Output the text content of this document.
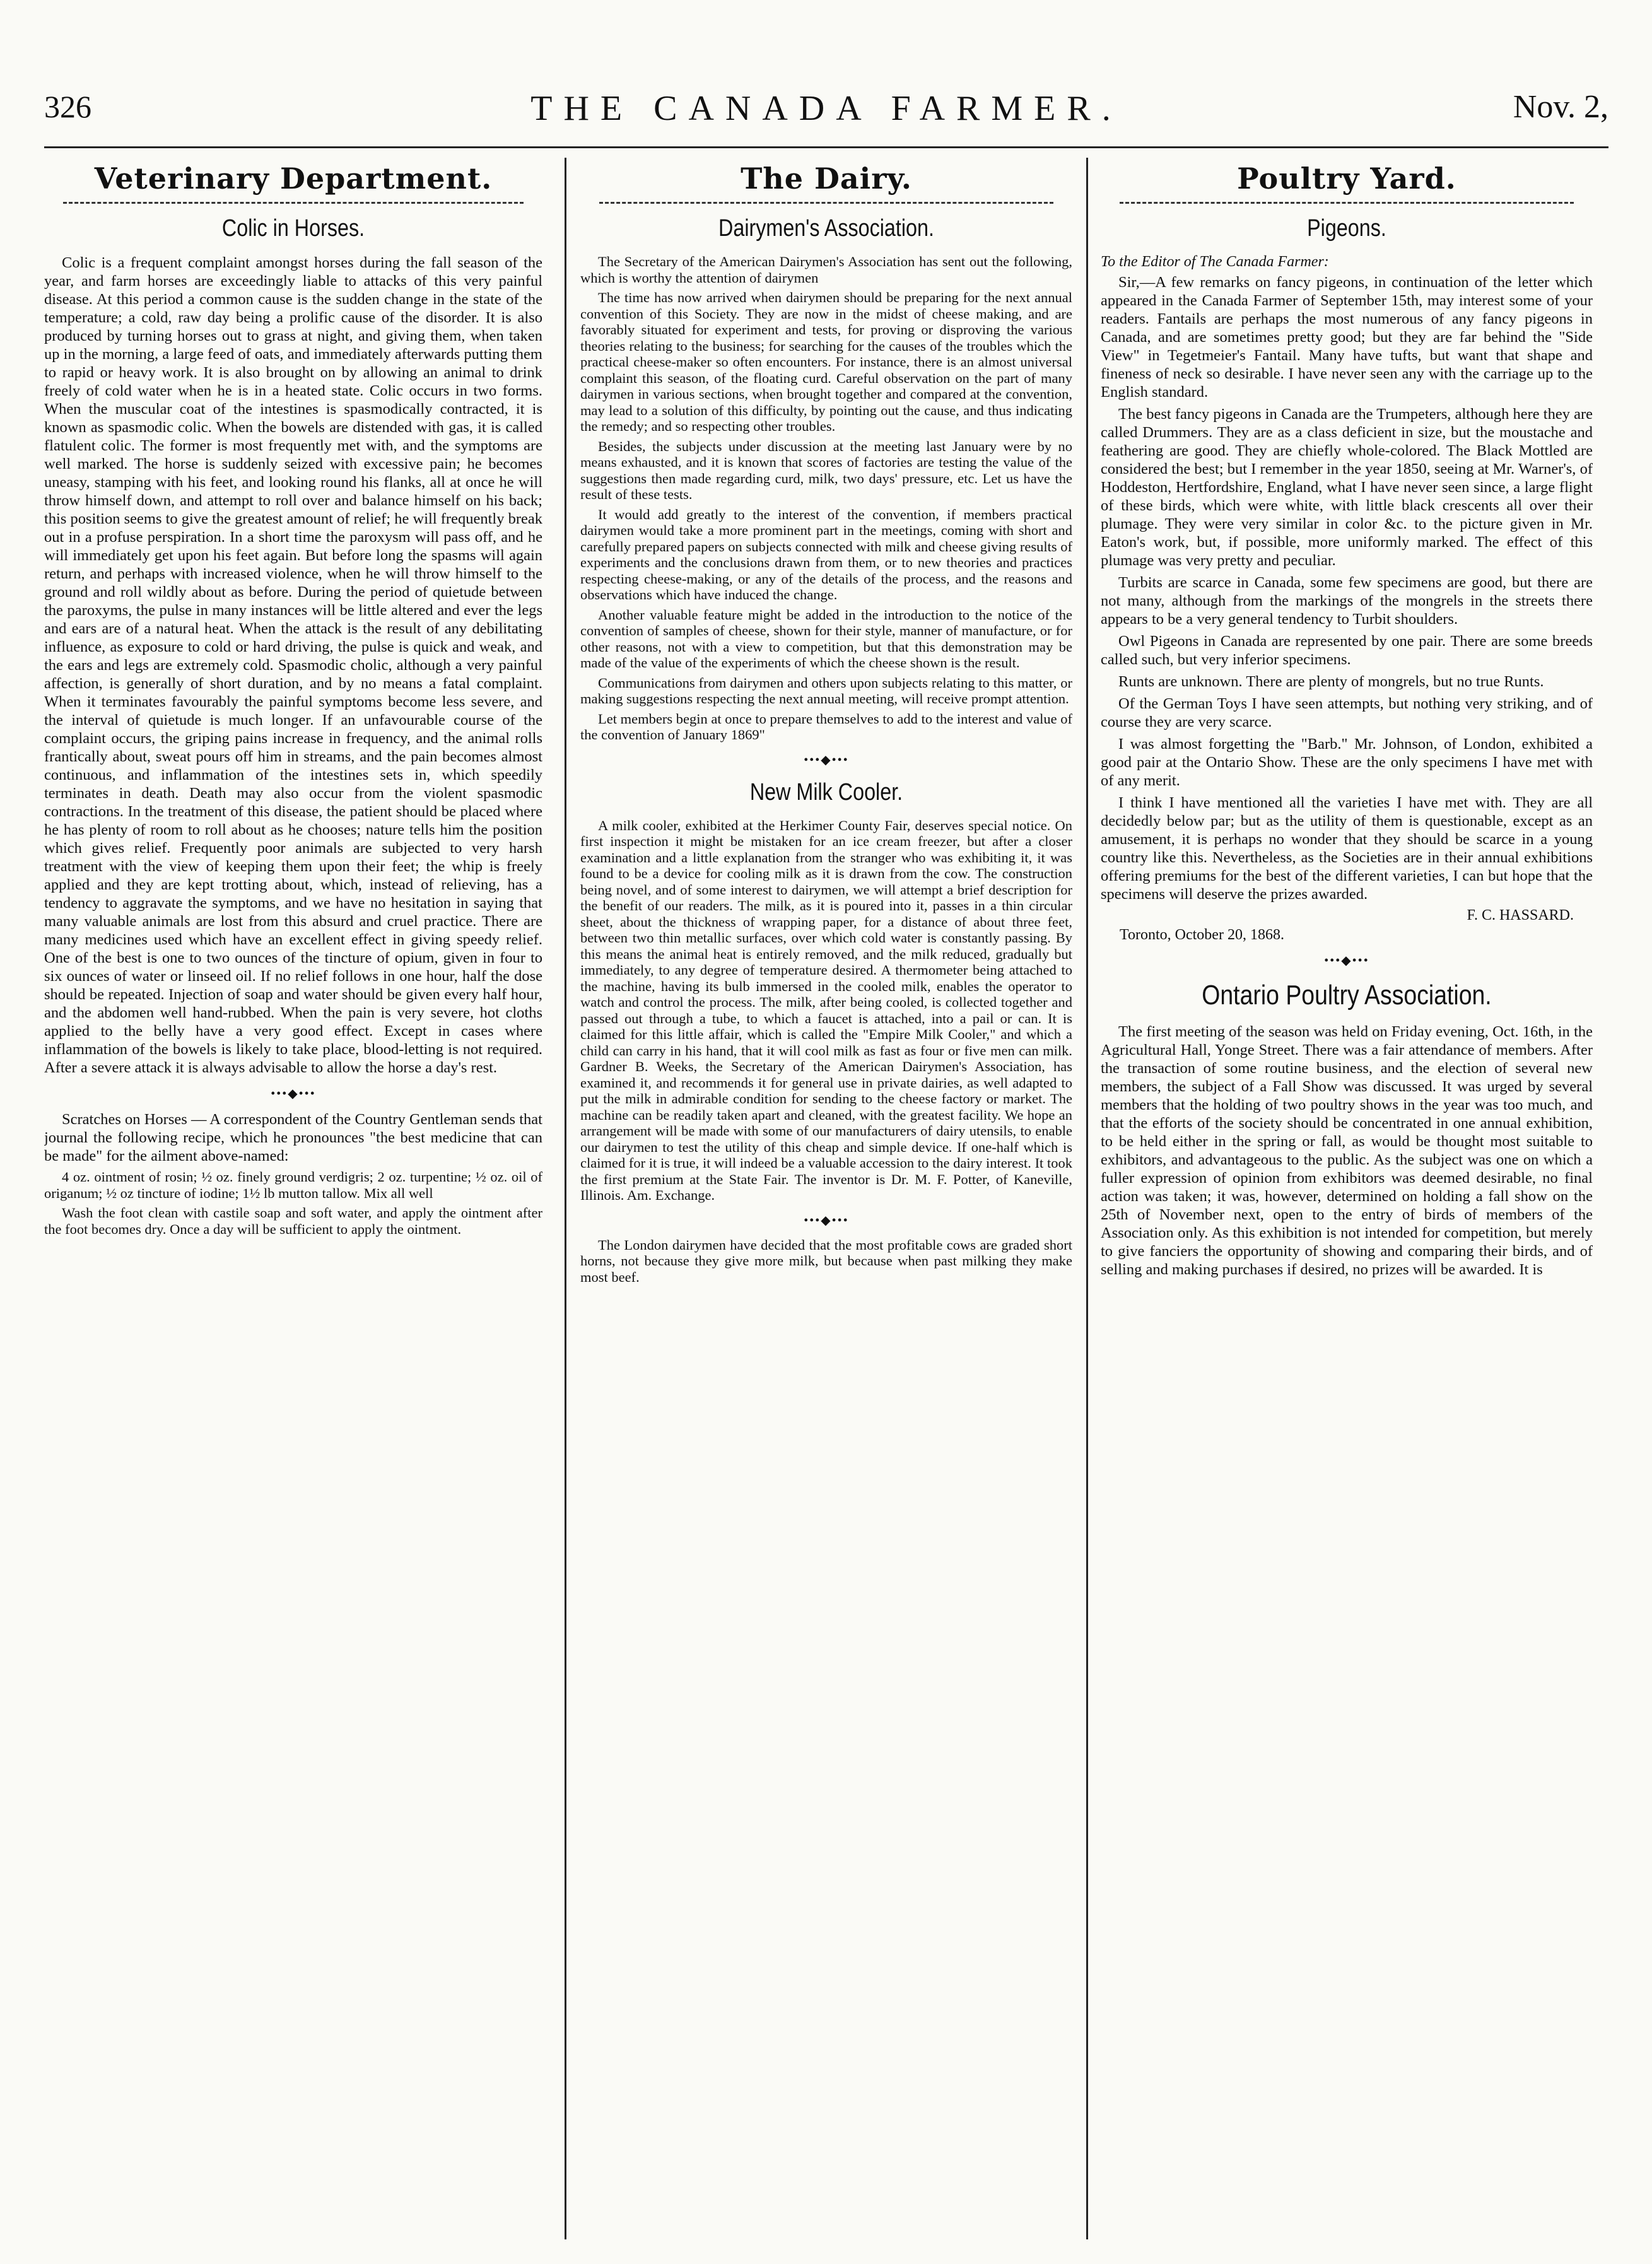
326	THE CANADA FARMER.	Nov. 2,
Veterinary Department.
Colic in Horses.

Colic is a frequent complaint amongst horses during the fall season of the year, and farm horses are exceedingly liable to attacks of this very painful disease. At this period a common cause is the sudden change in the state of the temperature; a cold, raw day being a prolific cause of the disorder. It is also produced by turning horses out to grass at night, and giving them, when taken up in the morning, a large feed of oats, and immediately afterwards putting them to rapid or heavy work. It is also brought on by allowing an animal to drink freely of cold water when he is in a heated state. Colic occurs in two forms. When the muscular coat of the intestines is spasmodically contracted, it is known as spasmodic colic. When the bowels are distended with gas, it is called flatulent colic. The former is most frequently met with, and the symptoms are well marked. The horse is suddenly seized with excessive pain; he becomes uneasy, stamping with his feet, and looking round his flanks, all at once he will throw himself down, and attempt to roll over and balance himself on his back; this position seems to give the greatest amount of relief; he will frequently break out in a profuse perspiration. In a short time the paroxysm will pass off, and he will immediately get upon his feet again. But before long the spasms will again return, and perhaps with increased violence, when he will throw himself to the ground and roll wildly about as before. During the period of quietude between the paroxyms, the pulse in many instances will be little altered and ever the legs and ears are of a natural heat. When the attack is the result of any debilitating influence, as exposure to cold or hard driving, the pulse is quick and weak, and the ears and legs are extremely cold. Spasmodic cholic, although a very painful affection, is generally of short duration, and by no means a fatal complaint. When it terminates favourably the painful symptoms become less severe, and the interval of quietude is much longer. If an unfavourable course of the complaint occurs, the griping pains increase in frequency, and the animal rolls frantically about, sweat pours off him in streams, and the pain becomes almost continuous, and inflammation of the intestines sets in, which speedily terminates in death. Death may also occur from the violent spasmodic contractions. In the treatment of this disease, the patient should be placed where he has plenty of room to roll about as he chooses; nature tells him the position which gives relief. Frequently poor animals are subjected to very harsh treatment with the view of keeping them upon their feet; the whip is freely applied and they are kept trotting about, which, instead of relieving, has a tendency to aggravate the symptoms, and we have no hesitation in saying that many valuable animals are lost from this absurd and cruel practice. There are many medicines used which have an excellent effect in giving speedy relief. One of the best is one to two ounces of the tincture of opium, given in four to six ounces of water or linseed oil. If no relief follows in one hour, half the dose should be repeated. Injection of soap and water should be given every half hour, and the abdomen well hand-rubbed. When the pain is very severe, hot cloths applied to the belly have a very good effect. Except in cases where inflammation of the bowels is likely to take place, blood-letting is not required. After a severe attack it is always advisable to allow the horse a day's rest.

•••◆•••

Scratches on Horses — A correspondent of the Country Gentleman sends that journal the following recipe, which he pronounces "the best medicine that can be made" for the ailment above-named:

4 oz. ointment of rosin; ½ oz. finely ground verdigris; 2 oz. turpentine; ½ oz. oil of origanum; ½ oz tincture of iodine; 1½ lb mutton tallow. Mix all well

Wash the foot clean with castile soap and soft water, and apply the ointment after the foot becomes dry. Once a day will be sufficient to apply the ointment.

The Dairy.
Dairymen's Association.

The Secretary of the American Dairymen's Association has sent out the following, which is worthy the attention of dairymen

The time has now arrived when dairymen should be preparing for the next annual convention of this Society. They are now in the midst of cheese making, and are favorably situated for experiment and tests, for proving or disproving the various theories relating to the business; for searching for the causes of the troubles which the practical cheese-maker so often encounters. For instance, there is an almost universal complaint this season, of the floating curd. Careful observation on the part of many dairymen in various sections, when brought together and compared at the convention, may lead to a solution of this difficulty, by pointing out the cause, and thus indicating the remedy; and so respecting other troubles.

Besides, the subjects under discussion at the meeting last January were by no means exhausted, and it is known that scores of factories are testing the value of the suggestions then made regarding curd, milk, two days' pressure, etc. Let us have the result of these tests.

It would add greatly to the interest of the convention, if members practical dairymen would take a more prominent part in the meetings, coming with short and carefully prepared papers on subjects connected with milk and cheese giving results of experiments and the conclusions drawn from them, or to new theories and practices respecting cheese-making, or any of the details of the process, and the reasons and observations which have induced the change.

Another valuable feature might be added in the introduction to the notice of the convention of samples of cheese, shown for their style, manner of manufacture, or for other reasons, not with a view to competition, but that this demonstration may be made of the value of the experiments of which the cheese shown is the result.

Communications from dairymen and others upon subjects relating to this matter, or making suggestions respecting the next annual meeting, will receive prompt attention.

Let members begin at once to prepare themselves to add to the interest and value of the convention of January 1869"

•••◆•••
New Milk Cooler.

A milk cooler, exhibited at the Herkimer County Fair, deserves special notice. On first inspection it might be mistaken for an ice cream freezer, but after a closer examination and a little explanation from the stranger who was exhibiting it, it was found to be a device for cooling milk as it is drawn from the cow. The construction being novel, and of some interest to dairymen, we will attempt a brief description for the benefit of our readers. The milk, as it is poured into it, passes in a thin circular sheet, about the thickness of wrapping paper, for a distance of about three feet, between two thin metallic surfaces, over which cold water is constantly passing. By this means the animal heat is entirely removed, and the milk reduced, gradually but immediately, to any degree of temperature desired. A thermometer being attached to the machine, having its bulb immersed in the cooled milk, enables the operator to watch and control the process. The milk, after being cooled, is collected together and passed out through a tube, to which a faucet is attached, into a pail or can. It is claimed for this little affair, which is called the "Empire Milk Cooler," and which a child can carry in his hand, that it will cool milk as fast as four or five men can milk. Gardner B. Weeks, the Secretary of the American Dairymen's Association, has examined it, and recommends it for general use in private dairies, as well adapted to put the milk in admirable condition for sending to the cheese factory or market. The machine can be readily taken apart and cleaned, with the greatest facility. We hope an arrangement will be made with some of our manufacturers of dairy utensils, to enable our dairymen to test the utility of this cheap and simple device. If one-half which is claimed for it is true, it will indeed be a valuable accession to the dairy interest. It took the first premium at the State Fair. The inventor is Dr. M. F. Potter, of Kaneville, Illinois. Am. Exchange.

•••◆•••

The London dairymen have decided that the most profitable cows are graded short horns, not because they give more milk, but because when past milking they make most beef.

Poultry Yard.
Pigeons.
To the Editor of The Canada Farmer:

Sir,—A few remarks on fancy pigeons, in continuation of the letter which appeared in the Canada Farmer of September 15th, may interest some of your readers. Fantails are perhaps the most numerous of any fancy pigeons in Canada, and are sometimes pretty good; but they are far behind the "Side View" in Tegetmeier's Fantail. Many have tufts, but want that shape and fineness of neck so desirable. I have never seen any with the carriage up to the English standard.

The best fancy pigeons in Canada are the Trumpeters, although here they are called Drummers. They are as a class deficient in size, but the moustache and feathering are good. They are chiefly whole-colored. The Black Mottled are considered the best; but I remember in the year 1850, seeing at Mr. Warner's, of Hoddeston, Hertfordshire, England, what I have never seen since, a large flight of these birds, which were white, with little black crescents all over their plumage. They were very similar in color &c. to the picture given in Mr. Eaton's work, but, if possible, more uniformly marked. The effect of this plumage was very pretty and peculiar.

Turbits are scarce in Canada, some few specimens are good, but there are not many, although from the markings of the mongrels in the streets there appears to be a very general tendency to Turbit shoulders.

Owl Pigeons in Canada are represented by one pair. There are some breeds called such, but very inferior specimens.

Runts are unknown. There are plenty of mongrels, but no true Runts.

Of the German Toys I have seen attempts, but nothing very striking, and of course they are very scarce.

I was almost forgetting the "Barb." Mr. Johnson, of London, exhibited a good pair at the Ontario Show. These are the only specimens I have met with of any merit.

I think I have mentioned all the varieties I have met with. They are all decidedly below par; but as the utility of them is questionable, except as an amusement, it is perhaps no wonder that they should be scarce in a young country like this. Nevertheless, as the Societies are in their annual exhibitions offering premiums for the best of the different varieties, I can but hope that the specimens will deserve the prizes awarded.

F. C. HASSARD.
Toronto, October 20, 1868.
•••◆•••
Ontario Poultry Association.

The first meeting of the season was held on Friday evening, Oct. 16th, in the Agricultural Hall, Yonge Street. There was a fair attendance of members. After the transaction of some routine business, and the election of several new members, the subject of a Fall Show was discussed. It was urged by several members that the holding of two poultry shows in the year was too much, and that the efforts of the society should be concentrated in one annual exhibition, to be held either in the spring or fall, as would be thought most suitable to exhibitors, and advantageous to the public. As the subject was one on which a fuller expression of opinion from exhibitors was deemed desirable, no final action was taken; it was, however, determined on holding a fall show on the 25th of November next, open to the entry of birds of members of the Association only. As this exhibition is not intended for competition, but merely to give fanciers the opportunity of showing and comparing their birds, and of selling and making purchases if desired, no prizes will be awarded. It is
